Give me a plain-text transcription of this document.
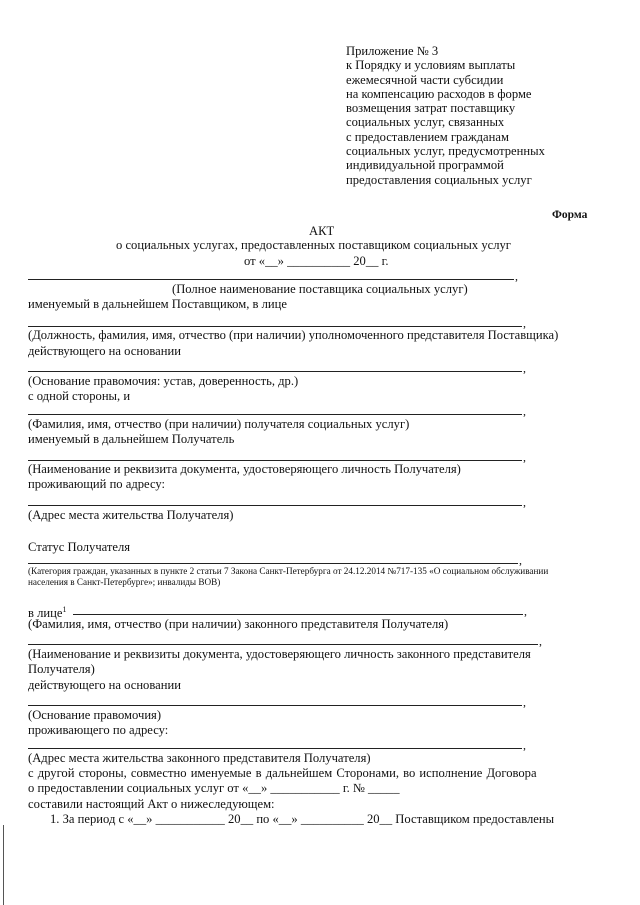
Приложение № 3
к Порядку и условиям выплаты
ежемесячной части субсидии
на компенсацию расходов в форме
возмещения затрат поставщику
социальных услуг, связанных
с предоставлением гражданам
социальных услуг, предусмотренных
индивидуальной программой
предоставления социальных услуг
Форма
АКТ
о социальных услугах, предоставленных поставщиком социальных услуг
от «__» __________ 20__ г.
,
(Полное наименование поставщика социальных услуг)
именуемый в дальнейшем Поставщиком, в лице
,
(Должность, фамилия, имя, отчество (при наличии) уполномоченного представителя Поставщика)
действующего на основании
,
(Основание правомочия: устав, доверенность, др.)
с одной стороны, и
,
(Фамилия, имя, отчество (при наличии) получателя социальных услуг)
именуемый в дальнейшем Получатель
,
(Наименование и реквизита документа, удостоверяющего личность Получателя)
проживающий по адресу:
,
(Адрес места жительства Получателя)
Статус Получателя
,
(Категория граждан, указанных в пункте 2 статьи 7 Закона Санкт-Петербурга от 24.12.2014 №717-135 «О социальном обслуживании
населения в Санкт-Петербурге»; инвалиды ВОВ)
в лице$^1$	,
(Фамилия, имя, отчество (при наличии) законного представителя Получателя)
,
(Наименование и реквизиты документа, удостоверяющего личность законного представителя
Получателя)
действующего на основании
,
(Основание правомочия)
проживающего по адресу:
,
(Адрес места жительства законного представителя Получателя)
с другой стороны, совместно именуемые в дальнейшем Сторонами, во исполнение Договора
о предоставлении социальных услуг от «__» ___________ г. № _____
составили настоящий Акт о нижеследующем:
1. За период с «__» ___________ 20__ по «__» __________ 20__ Поставщиком предоставлены
